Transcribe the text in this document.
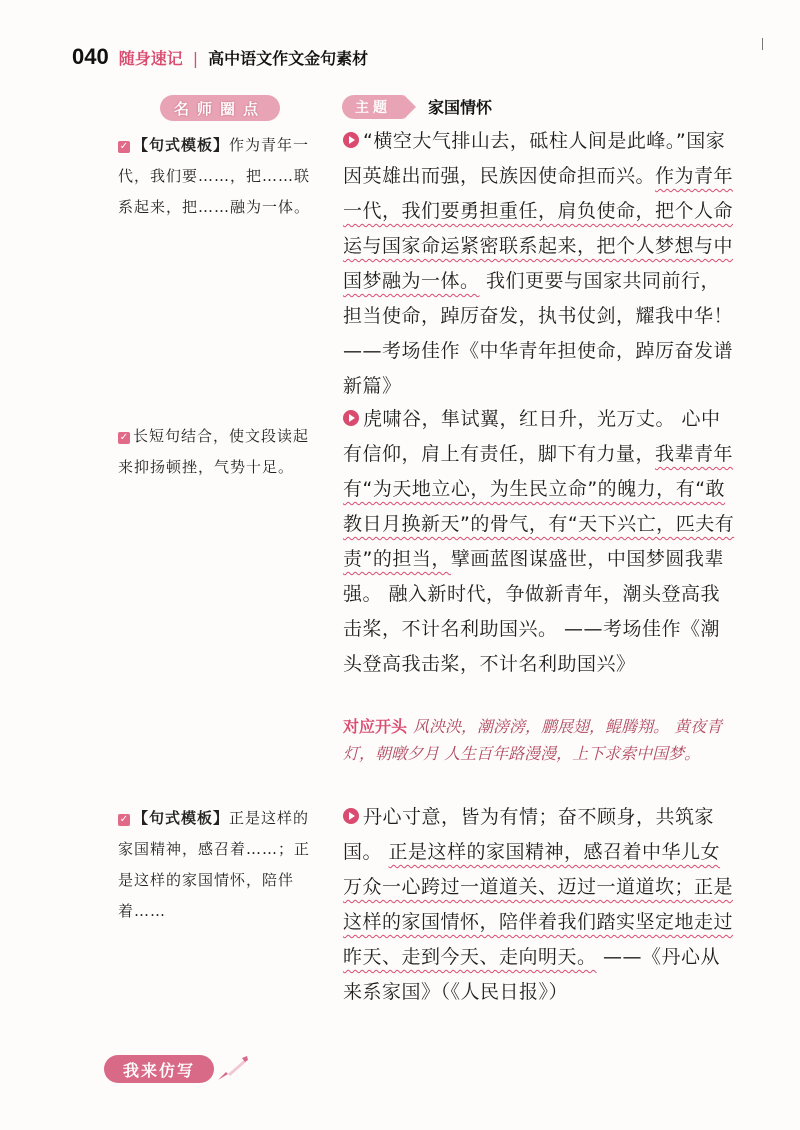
040 随身速记 | 高中语文作文金句素材
名师圈点	主题	家国情怀
✓ 【句式模板】作为青年一代，我们要……，把……联系起来，把……融为一体。
✓ 长短句结合，使文段读起来抑扬顿挫，气势十足。
✓ 【句式模板】正是这样的家国精神，感召着……；正是这样的家国情怀，陪伴着……
“横空大气排山去，砥柱人间是此峰。”国家因英雄出而强，民族因使命担而兴。作为青年一代，我们要勇担重任，肩负使命，把个人命运与国家命运紧密联系起来，把个人梦想与中国梦融为一体。 我们更要与国家共同前行，担当使命，踔厉奋发，执书仗剑，耀我中华！ ——考场佳作《中华青年担使命，踔厉奋发谱新篇》
虎啸谷，隼试翼，红日升，光万丈。 心中有信仰，肩上有责任，脚下有力量，我辈青年有“为天地立心，为生民立命”的魄力，有“敢教日月换新天”的骨气，有“天下兴亡，匹夫有责”的担当，擘画蓝图谋盛世，中国梦圆我辈强。 融入新时代，争做新青年，潮头登高我击桨，不计名利助国兴。 ——考场佳作《潮头登高我击桨，不计名利助国兴》
对应开头 风泱泱，潮滂滂，鹏展翅，鲲腾翔。 黄夜青灯，朝暾夕月 人生百年路漫漫，上下求索中国梦。
丹心寸意，皆为有情；奋不顾身，共筑家国。 正是这样的家国精神，感召着中华儿女万众一心跨过一道道关、迈过一道道坎；正是这样的家国情怀，陪伴着我们踏实坚定地走过昨天、走到今天、走向明天。 ——《丹心从来系家国》（《人民日报》）
我来仿写
